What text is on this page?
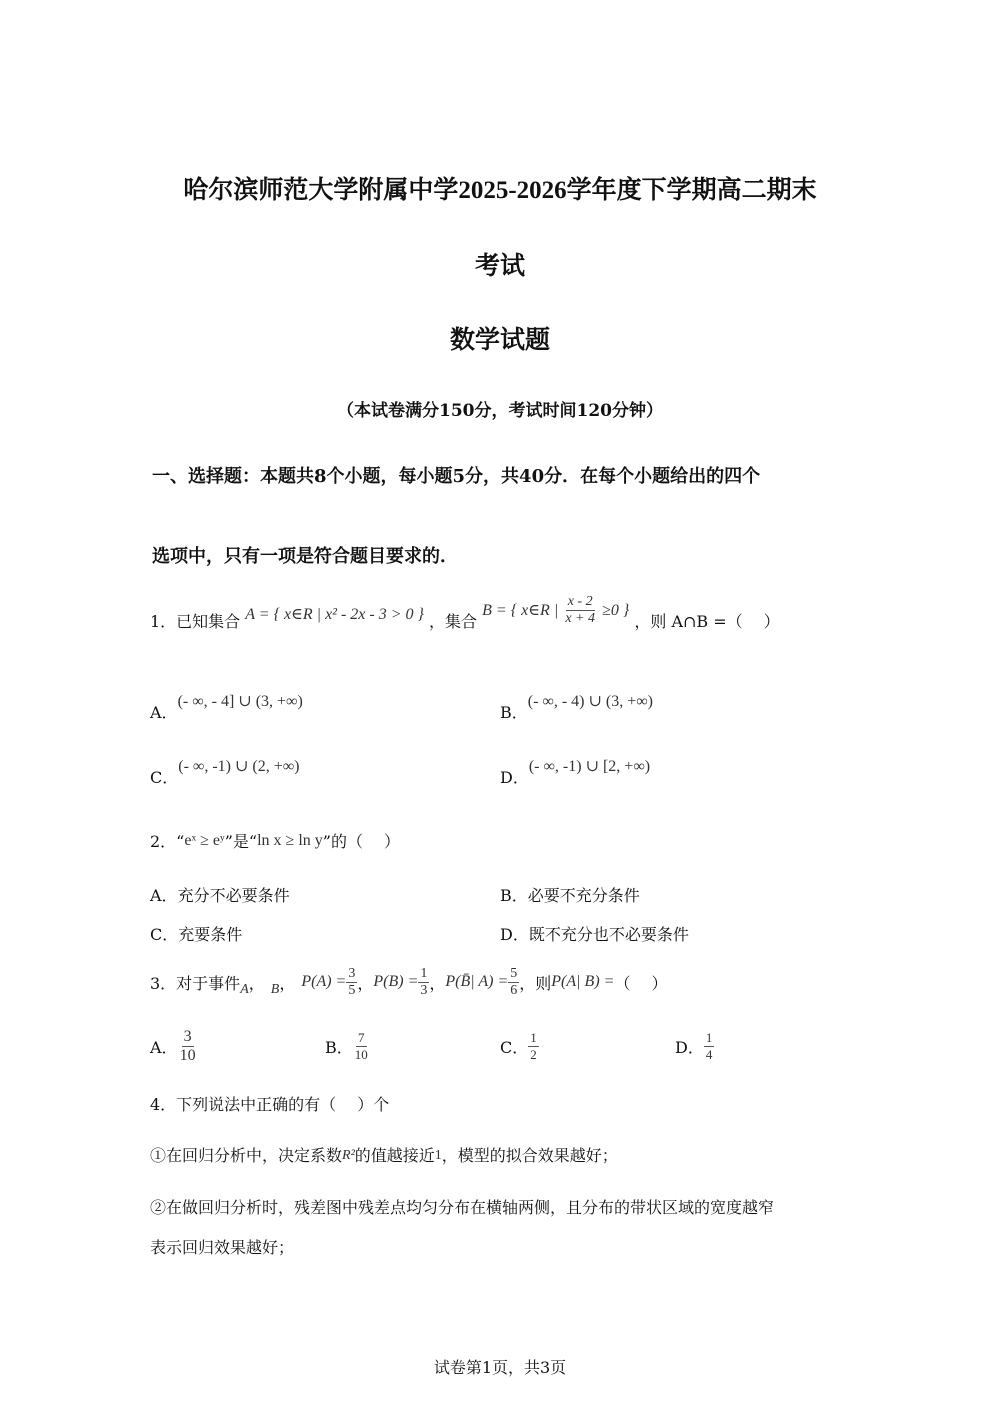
哈尔滨师范大学附属中学2025-2026学年度下学期高二期末
考试
数学试题
（本试卷满分150分，考试时间120分钟）
一、选择题：本题共8个小题，每小题5分，共40分．在每个小题给出的四个
选项中，只有一项是符合题目要求的．
1．已知集合 A = { x∈R | x² - 2x - 3 > 0 } ，集合 B = { x∈R | $\frac{x - 2}{x + 4} \ge 0$ } ，则 A∩B =（　 ）
A．(- ∞, - 4] ∪ (3, +∞)
B．(- ∞, - 4) ∪ (3, +∞)
C．(- ∞, -1) ∪ (2, +∞)
D．(- ∞, -1) ∪ [2, +∞)
2．“eˣ ≥ eʸ”是“ln x ≥ ln y”的（　 ）
A．充分不必要条件	B．必要不充分条件
C．充要条件	D．既不充分也不必要条件
3．对于事件 A ， B ， $P(A) = \frac{3}{5}$ ， $P(B) = \frac{1}{3}$ ， P(B̄| $A) = \frac{5}{6}$ ，则 P(A| B) = （　 ）
A． $\frac{3}{10}$	B． $\frac{7}{10}$	C． $\frac{1}{2}$	D． $\frac{1}{4}$
4．下列说法中正确的有（　 ）个
①在回归分析中，决定系数R²的值越接近1，模型的拟合效果越好；
②在做回归分析时，残差图中残差点均匀分布在横轴两侧，且分布的带状区域的宽度越窄
表示回归效果越好；
试卷第1页，共3页
